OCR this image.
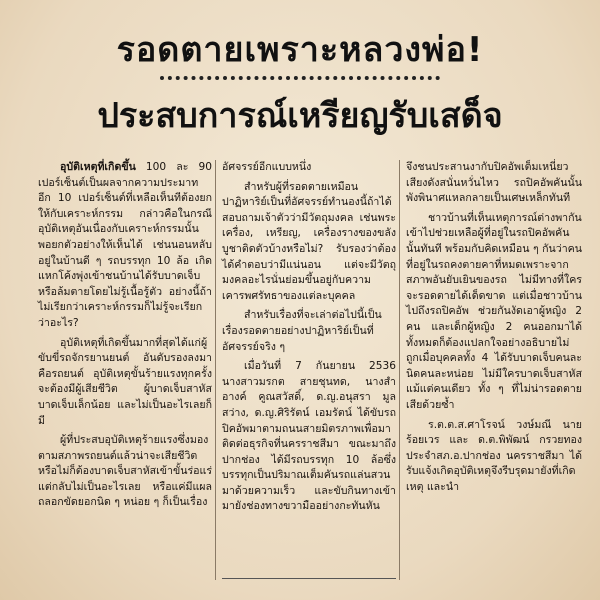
รอดตายเพราะหลวงพ่อ!
ประสบการณ์เหรียญรับเสด็จ

อุบัติเหตุที่เกิดขึ้น 100 ละ 90 เปอร์เซ็นต์เป็นผลจากความประมาท อีก 10 เปอร์เซ็นต์ที่เหลือเห็นทีต้องยกให้กับเคราะห์กรรม กล่าวคือในกรณีอุบัติเหตุอันเนื่องกับเคราะห์กรรมนั้น พอยกตัวอย่างให้เห็นได้ เช่นนอนหลับอยู่ในบ้านดี ๆ รถบรรทุก 10 ล้อ เกิดแหกโค้งพุ่งเข้าชนบ้านได้รับบาดเจ็บหรือล้มตายโดยไม่รู้เนื้อรู้ตัว อย่างนี้ถ้าไม่เรียกว่าเคราะห์กรรมก็ไม่รู้จะเรียกว่าอะไร?

อุบัติเหตุที่เกิดขึ้นมากที่สุดได้แก่ผู้ขับขี่รถจักรยานยนต์ อันดับรองลงมาคือรถยนต์ อุบัติเหตุขั้นร้ายแรงทุกครั้งจะต้องมีผู้เสียชีวิต ผู้บาดเจ็บสาหัส บาดเจ็บเล็กน้อย และไม่เป็นอะไรเลยก็มี

ผู้ที่ประสบอุบัติเหตุร้ายแรงซึ่งมองตามสภาพรถยนต์แล้วน่าจะเสียชีวิตหรือไม่ก็ต้องบาดเจ็บสาหัสเข้าขั้นร่อแร่ แต่กลับไม่เป็นอะไรเลย หรือแค่มีแผลถลอกขัดยอกนิด ๆ หน่อย ๆ ก็เป็นเรื่อง

อัศจรรย์อีกแบบหนึ่ง

สำหรับผู้ที่รอดตายเหมือนปาฏิหาริย์เป็นที่อัศจรรย์ทำนองนี้ถ้าได้สอบถามเจ้าตัวว่ามีวัตถุมงคล เช่นพระเครื่อง, เหรียญ, เครื่องรางของขลังบูชาติดตัวบ้างหรือไม่? รับรองว่าต้องได้คำตอบว่ามีแน่นอน แต่จะมีวัตถุมงคลอะไรนั่นย่อมขึ้นอยู่กับความเคารพศรัทธาของแต่ละบุคคล

สำหรับเรื่องที่จะเล่าต่อไปนี้เป็นเรื่องรอดตายอย่างปาฏิหาริย์เป็นที่อัศจรรย์จริง ๆ

เมื่อวันที่ 7 กันยายน 2536 นางสาวมรกต สายชุนทด, นางสำอางค์ คูณสวัสดิ์, ด.ญ.อนุสรา มูลสว่าง, ด.ญ.ศิริรัตน์ เอมรัตน์ ได้ขับรถปิคอัพมาตามถนนสายมิตรภาพเพื่อมาติดต่อธุรกิจที่นครราชสีมา ขณะมาถึงปากช่อง ได้มีรถบรรทุก 10 ล้อซึ่งบรรทุกเป็นปริมาณเต็มคันรถแล่นสวนมาด้วยความเร็ว และขับกินทางเข้ามายังช่องทางขวามืออย่างกะทันหัน

จึงชนประสานงากับปิคอัพเต็มเหนี่ยวเสียงดังสนั่นหวั่นไหว รถปิคอัพคันนั้นพังพินาศแหลกลายเป็นเศษเหล็กทันที

ชาวบ้านที่เห็นเหตุการณ์ต่างพากันเข้าไปช่วยเหลือผู้ที่อยู่ในรถปิคอัพคันนั้นทันที พร้อมกับคิดเหมือน ๆ กันว่าคนที่อยู่ในรถคงตายคาที่หมดเพราะจากสภาพอันยับเยินของรถ ไม่มีทางที่ใครจะรอดตายได้เด็ดขาด แต่เมื่อชาวบ้านไปถึงรถปิคอัพ ช่วยกันงัดเอาผู้หญิง 2 คน และเด็กผู้หญิง 2 คนออกมาได้ทั้งหมดก็ต้องแปลกใจอย่างอธิบายไม่ถูกเมื่อบุคคลทั้ง 4 ได้รับบาดเจ็บคนละนิดคนละหน่อย ไม่มีใครบาดเจ็บสาหัสแม้แต่คนเดียว ทั้ง ๆ ที่ไม่น่ารอดตายเสียด้วยซ้ำ

ร.ต.ต.ส.ศาโรจน์ วงษ์มณี นายร้อยเวร และ ด.ต.พิพัฒน์ กรวยทอง ประจำสภ.อ.ปากช่อง นครราชสีมา ได้รับแจ้งเกิดอุบัติเหตุจึงรีบรุดมายังที่เกิดเหตุ และนำ
